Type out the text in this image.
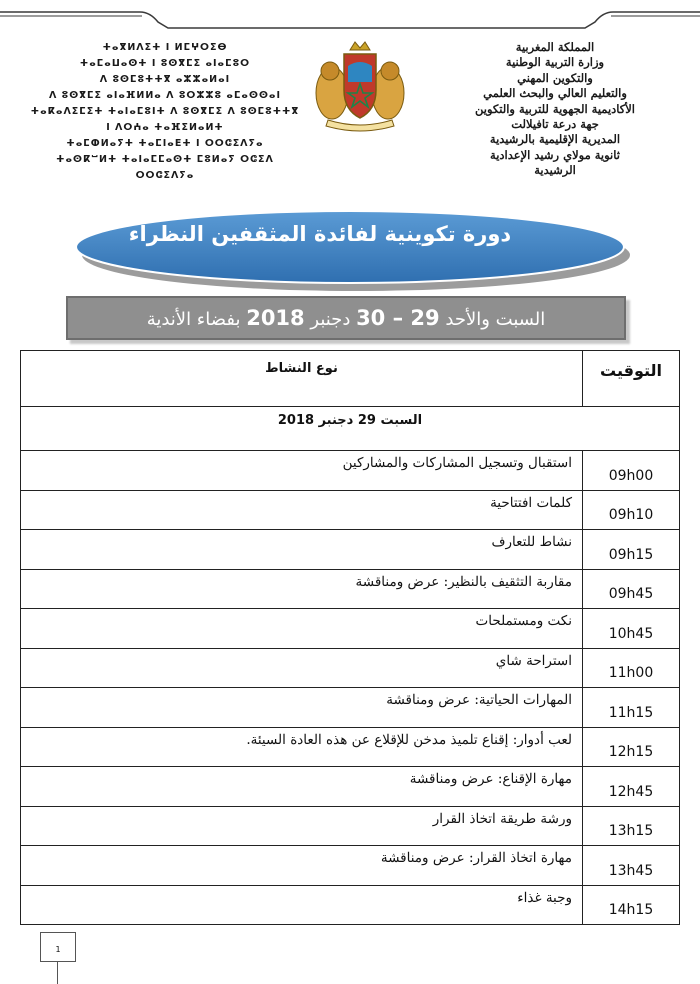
ⵜⴰⴳⵍⴷⵉⵜ ⵏ ⵍⵎⵖⵔⵉⴱ
ⵜⴰⵎⴰⵡⴰⵙⵜ ⵏ ⵓⵙⴳⵎⵉ ⴰⵏⴰⵎⵓⵔ
ⴷ ⵓⵙⵎⵓⵜⵜⴳ ⴰⵣⵣⴰⵍⴰⵏ
ⴷ ⵓⵙⴳⵎⵉ ⴰⵏⴰⴼⵍⵍⴰ ⴷ ⵓⵔⵣⵣⵓ ⴰⵎⴰⵙⵙⴰⵏ
ⵜⴰⴽⴰⴷⵉⵎⵉⵜ ⵜⴰⵏⴰⵎⵓⵏⵜ ⴷ ⵓⵙⴳⵎⵉ ⴷ ⵓⵙⵎⵓⵜⵜⴳ
ⵏ ⴷⵔⵄⴰ ⵜⴰⴼⵉⵍⴰⵍⵜ
ⵜⴰⵎⵀⵍⴰⵢⵜ ⵜⴰⵎⵏⴰⴹⵜ ⵏ ⵔⵔⵛⵉⴷⵢⴰ
ⵜⴰⵙⴽⵯⵍⵜ ⵜⴰⵏⴰⵎⵎⴰⵙⵜ ⵎⵓⵍⴰⵢ ⵔⵛⵉⴷ
ⵔⵔⵛⵉⴷⵢⴰ
المملكة المغربية
وزارة التربية الوطنية
والتكوين المهني
والتعليم العالي والبحث العلمي
الأكاديمية الجهوية للتربية والتكوين
جهة درعة تافيلالت
المديرية الإقليمية بالرشيدية
ثانوية مولاي رشيد الإعدادية
الرشيدية
دورة تكوينية لفائدة المثقفين النظراء
السبت والأحد 29 – 30 دجنبر 2018 بفضاء الأندية
التوقيت	نوع النشاط
السبت 29 دجنبر 2018	
09h00	استقبال وتسجيل المشاركات والمشاركين
09h10	كلمات افتتاحية
09h15	نشاط للتعارف
09h45	مقاربة التثقيف بالنظير: عرض ومناقشة
10h45	نكت ومستملحات
11h00	استراحة شاي
11h15	المهارات الحياتية: عرض ومناقشة
12h15	لعب أدوار: إقناع تلميذ مدخن للإقلاع عن هذه العادة السيئة.
12h45	مهارة الإقناع: عرض ومناقشة
13h15	ورشة طريقة اتخاذ القرار
13h45	مهارة اتخاذ القرار: عرض ومناقشة
14h15	وجبة غذاء
1
